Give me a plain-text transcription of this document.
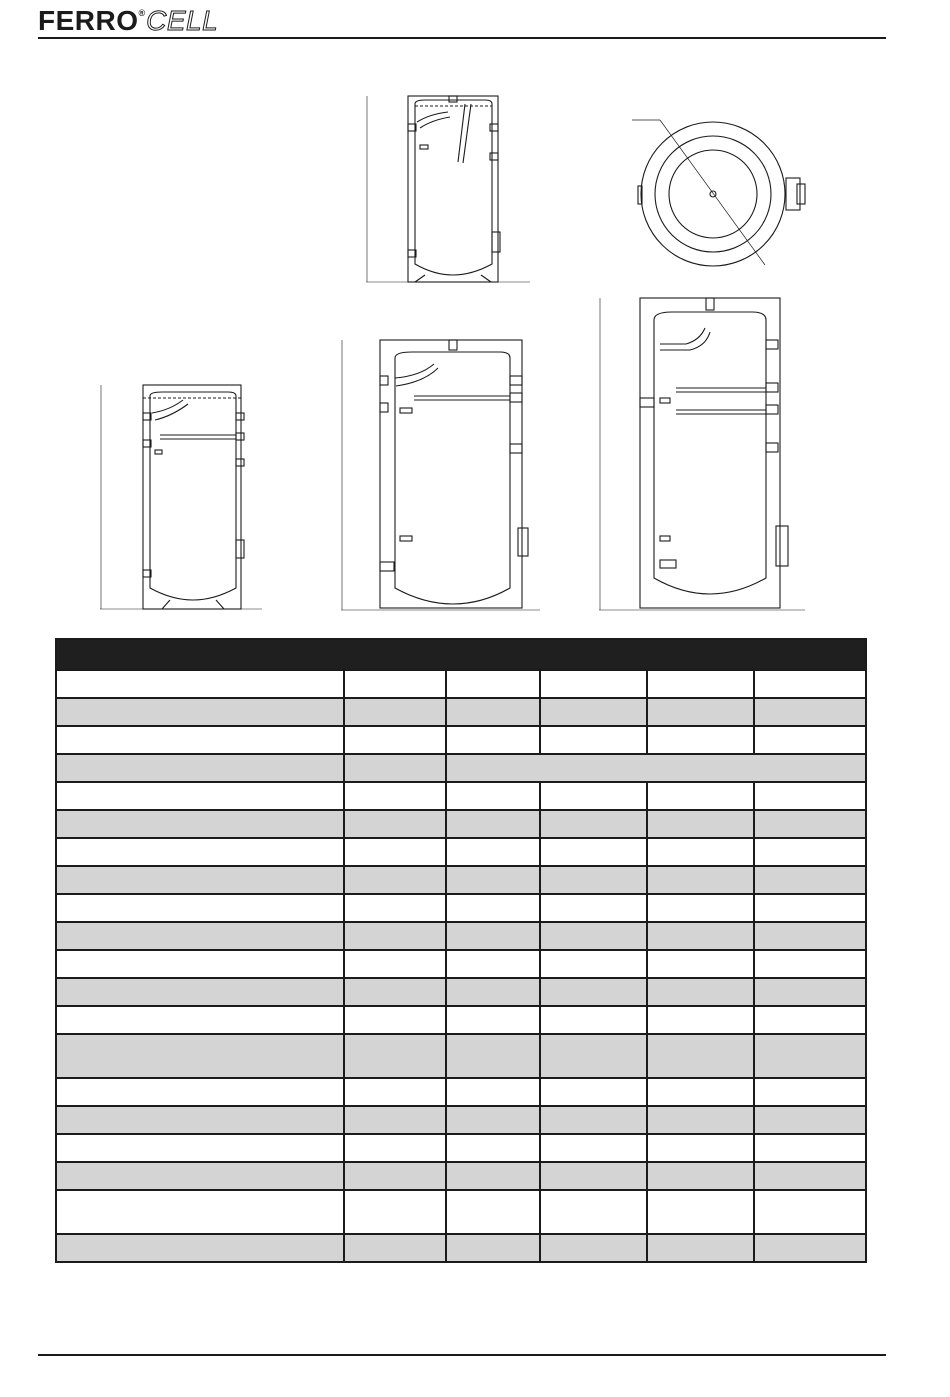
FERRO ® CELL
